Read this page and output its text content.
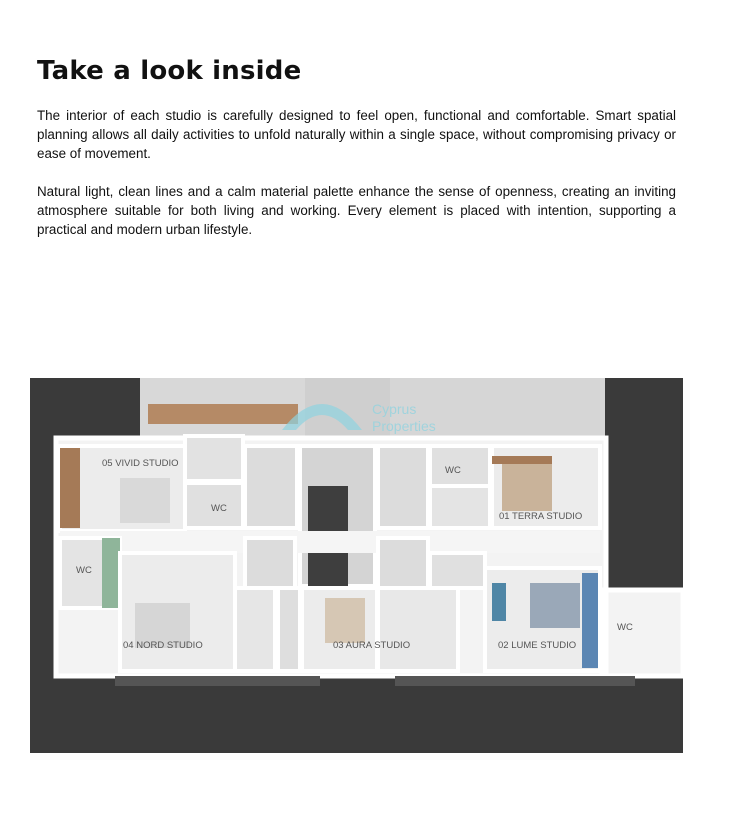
Take a look inside

The interior of each studio is carefully designed to feel open, functional and comfortable. Smart spatial planning allows all daily activities to unfold naturally within a single space, without compromising privacy or ease of movement.

Natural light, clean lines and a calm material palette enhance the sense of openness, creating an inviting atmosphere suitable for both living and working. Every element is placed with intention, supporting a practical and modern urban lifestyle.

05 VIVID STUDIO
01 TERRA STUDIO
04 NORD STUDIO	03 AURA STUDIO	02 LUME STUDIO
WC
WC
WC
WC
Cyprus
Properties
